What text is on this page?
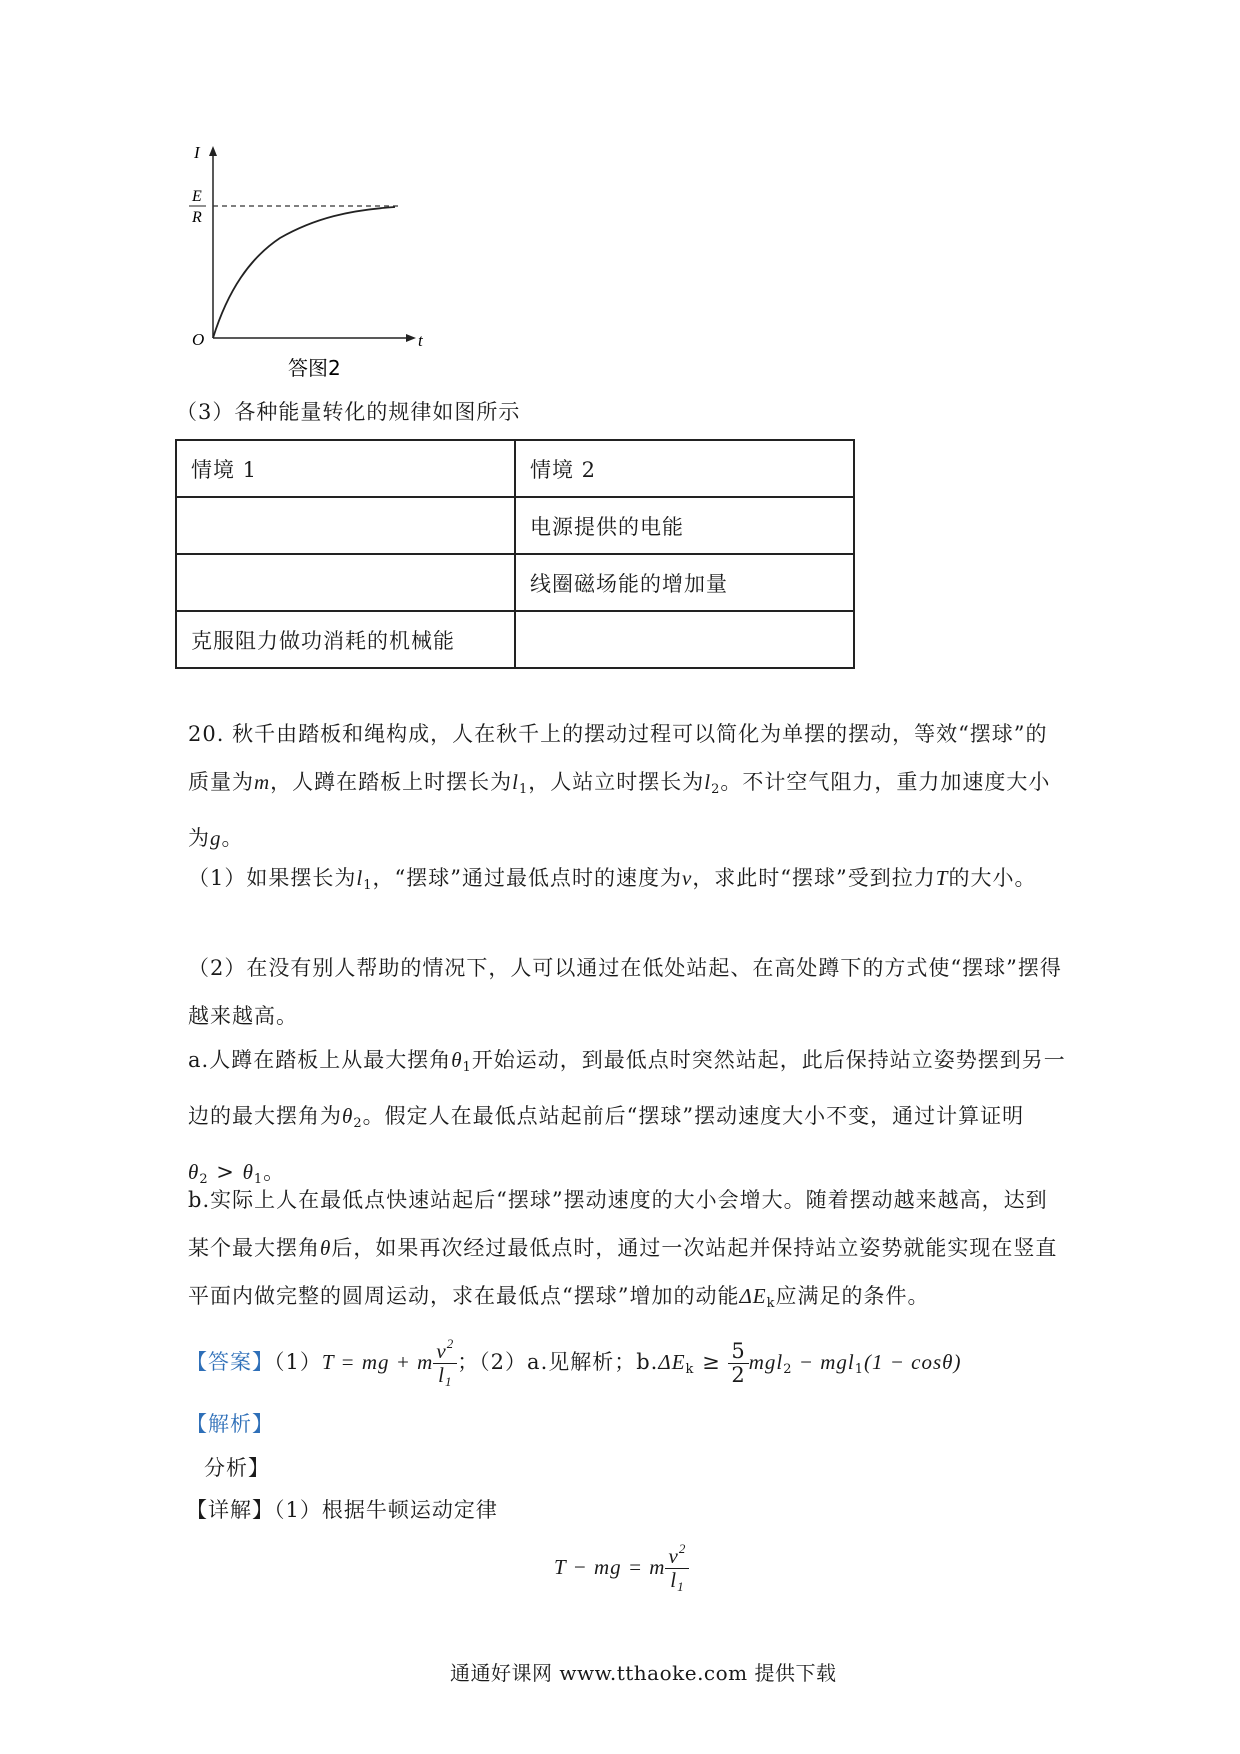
I
E
R
O	t
答图2
（3）各种能量转化的规律如图所示
情境 1	情境 2
	电源提供的电能
	线圈磁场能的增加量
克服阻力做功消耗的机械能	
20. 秋千由踏板和绳构成，人在秋千上的摆动过程可以简化为单摆的摆动，等效“摆球”的质量为m，人蹲在踏板上时摆长为$l_1$，人站立时摆长为$l_2$。不计空气阻力，重力加速度大小为g。
（1）如果摆长为$l_1$，“摆球”通过最低点时的速度为v，求此时“摆球”受到拉力T的大小。
（2）在没有别人帮助的情况下，人可以通过在低处站起、在高处蹲下的方式使“摆球”摆得越来越高。
a.人蹲在踏板上从最大摆角$\theta_1$开始运动，到最低点时突然站起，此后保持站立姿势摆到另一边的最大摆角为$\theta_2$。假定人在最低点站起前后“摆球”摆动速度大小不变，通过计算证明
$\theta_2 > \theta_1$。
b.实际上人在最低点快速站起后“摆球”摆动速度的大小会增大。随着摆动越来越高，达到某个最大摆角θ后，如果再次经过最低点时，通过一次站起并保持站立姿势就能实现在竖直平面内做完整的圆周运动，求在最低点“摆球”增加的动能$\Delta E_k$应满足的条件。
【答案】（1）T = mg + m $\frac{v^2}{l_1}$ ；（2）a.见解析；$b.\Delta E_k \ge \frac{5}{2} mgl_2 - mgl_1(1 - \cos\theta)$
【解析】
分析】
【详解】（1）根据牛顿运动定律
T − mg = m $\frac{v^2}{l_1}$
通通好课网 www.tthaoke.com 提供下载
